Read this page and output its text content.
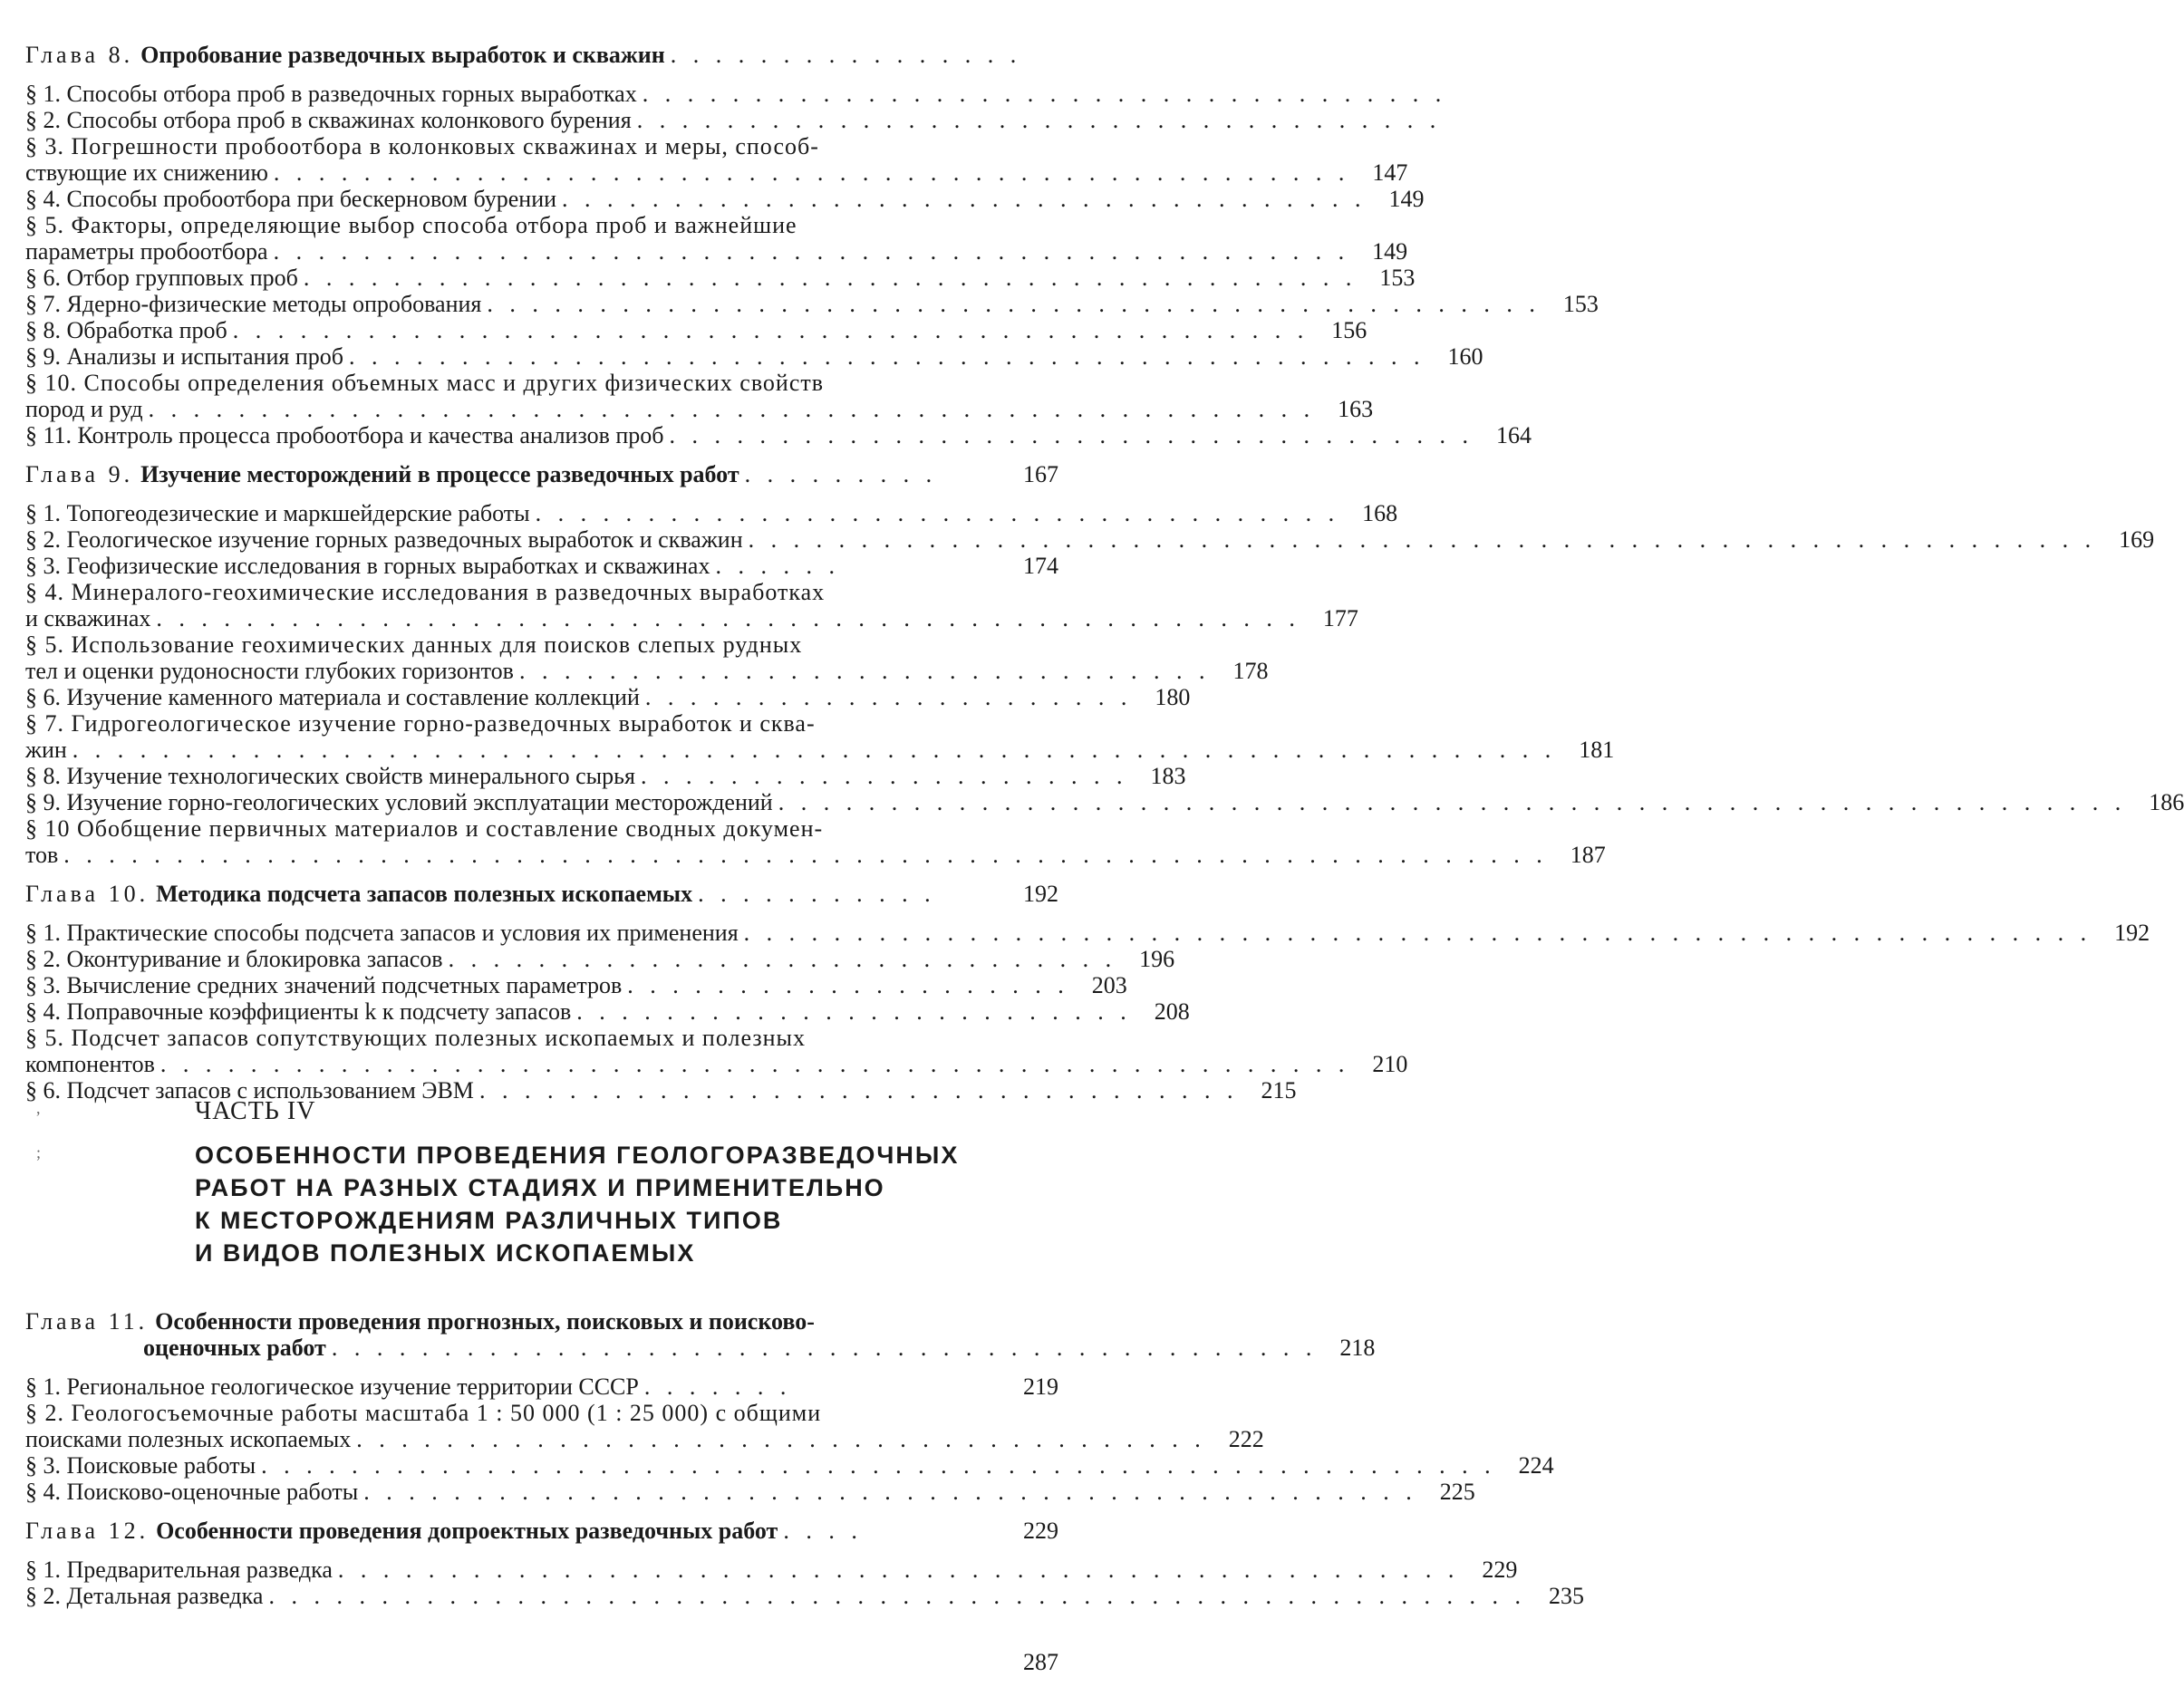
Глава 8. Опробование разведочных выработок и скважин . . . . . . . . . . . . . . . .
§ 1. Способы отбора проб в разведочных горных выработках . . . . . . . . . . . . . . . . . . . . . . . . . . . . . . . . . . . .
§ 2. Способы отбора проб в скважинах колонкового бурения . . . . . . . . . . . . . . . . . . . . . . . . . . . . . . . . . . . .
§ 3. Погрешности пробоотбора в колонковых скважинах и меры, способ-
ствующие их снижению . . . . . . . . . . . . . . . . . . . . . . . . . . . . . . . . . . . . . . . . . . . . . . . . 147
§ 4. Способы пробоотбора при бескерновом бурении . . . . . . . . . . . . . . . . . . . . . . . . . . . . . . . . . . . . 149
§ 5. Факторы, определяющие выбор способа отбора проб и важнейшие
параметры пробоотбора . . . . . . . . . . . . . . . . . . . . . . . . . . . . . . . . . . . . . . . . . . . . . . . . 149
§ 6. Отбор групповых проб . . . . . . . . . . . . . . . . . . . . . . . . . . . . . . . . . . . . . . . . . . . . . . . 153
§ 7. Ядерно-физические методы опробования . . . . . . . . . . . . . . . . . . . . . . . . . . . . . . . . . . . . . . . . . . . . . . . 153
§ 8. Обработка проб . . . . . . . . . . . . . . . . . . . . . . . . . . . . . . . . . . . . . . . . . . . . . . . . 156
§ 9. Анализы и испытания проб . . . . . . . . . . . . . . . . . . . . . . . . . . . . . . . . . . . . . . . . . . . . . . . . 160
§ 10. Способы определения объемных масс и других физических свойств
пород и руд . . . . . . . . . . . . . . . . . . . . . . . . . . . . . . . . . . . . . . . . . . . . . . . . . . . . 163
§ 11. Контроль процесса пробоотбора и качества анализов проб . . . . . . . . . . . . . . . . . . . . . . . . . . . . . . . . . . . . 164
Глава 9. Изучение месторождений в процессе разведочных работ . . . . . . . . .	167
§ 1. Топогеодезические и маркшейдерские работы . . . . . . . . . . . . . . . . . . . . . . . . . . . . . . . . . . . . 168
§ 2. Геологическое изучение горных разведочных выработок и скважин . . . . . . . . . . . . . . . . . . . . . . . . . . . . . . . . . . . . . . . . . . . . . . . . . . . . . . . . . . . . 169
§ 3. Геофизические исследования в горных выработках и скважинах . . . . . .	174
§ 4. Минералого-геохимические исследования в разведочных выработках
и скважинах . . . . . . . . . . . . . . . . . . . . . . . . . . . . . . . . . . . . . . . . . . . . . . . . . . . 177
§ 5. Использование геохимических данных для поисков слепых рудных
тел и оценки рудоносности глубоких горизонтов . . . . . . . . . . . . . . . . . . . . . . . . . . . . . . . 178
§ 6. Изучение каменного материала и составление коллекций . . . . . . . . . . . . . . . . . . . . . . 180
§ 7. Гидрогеологическое изучение горно-разведочных выработок и сква-
жин . . . . . . . . . . . . . . . . . . . . . . . . . . . . . . . . . . . . . . . . . . . . . . . . . . . . . . . . . . . . . . . . . . 181
§ 8. Изучение технологических свойств минерального сырья . . . . . . . . . . . . . . . . . . . . . . 183
§ 9. Изучение горно-геологических условий эксплуатации месторождений . . . . . . . . . . . . . . . . . . . . . . . . . . . . . . . . . . . . . . . . . . . . . . . . . . . . . . . . . . . . 186
§ 10 Обобщение первичных материалов и составление сводных докумен-
тов . . . . . . . . . . . . . . . . . . . . . . . . . . . . . . . . . . . . . . . . . . . . . . . . . . . . . . . . . . . . . . . . . . 187
Глава 10. Методика подсчета запасов полезных ископаемых . . . . . . . . . . .	192
§ 1. Практические способы подсчета запасов и условия их применения . . . . . . . . . . . . . . . . . . . . . . . . . . . . . . . . . . . . . . . . . . . . . . . . . . . . . . . . . . . . 192
§ 2. Оконтуривание и блокировка запасов . . . . . . . . . . . . . . . . . . . . . . . . . . . . . . 196
§ 3. Вычисление средних значений подсчетных параметров . . . . . . . . . . . . . . . . . . . . 203
§ 4. Поправочные коэффициенты k к подсчету запасов . . . . . . . . . . . . . . . . . . . . . . . . . 208
§ 5. Подсчет запасов сопутствующих полезных ископаемых и полезных
компонентов . . . . . . . . . . . . . . . . . . . . . . . . . . . . . . . . . . . . . . . . . . . . . . . . . . . . . 210
§ 6. Подсчет запасов с использованием ЭВМ . . . . . . . . . . . . . . . . . . . . . . . . . . . . . . . . . . 215
,
;
ЧАСТЬ IV
ОСОБЕННОСТИ ПРОВЕДЕНИЯ ГЕОЛОГОРАЗВЕДОЧНЫХ
РАБОТ НА РАЗНЫХ СТАДИЯХ И ПРИМЕНИТЕЛЬНО
К МЕСТОРОЖДЕНИЯМ РАЗЛИЧНЫХ ТИПОВ
И ВИДОВ ПОЛЕЗНЫХ ИСКОПАЕМЫХ
Глава 11. Особенности проведения прогнозных, поисковых и поисково-
оценочных работ . . . . . . . . . . . . . . . . . . . . . . . . . . . . . . . . . . . . . . . . . . . . 218
§ 1. Региональное геологическое изучение территории СССР . . . . . . .	219
§ 2. Геологосъемочные работы масштаба 1 : 50 000 (1 : 25 000) с общими
поисками полезных ископаемых . . . . . . . . . . . . . . . . . . . . . . . . . . . . . . . . . . . . . . 222
§ 3. Поисковые работы . . . . . . . . . . . . . . . . . . . . . . . . . . . . . . . . . . . . . . . . . . . . . . . . . . . . . . . 224
§ 4. Поисково-оценочные работы . . . . . . . . . . . . . . . . . . . . . . . . . . . . . . . . . . . . . . . . . . . . . . . 225
Глава 12. Особенности проведения допроектных разведочных работ . . . .	229
§ 1. Предварительная разведка . . . . . . . . . . . . . . . . . . . . . . . . . . . . . . . . . . . . . . . . . . . . . . . . . . 229
§ 2. Детальная разведка . . . . . . . . . . . . . . . . . . . . . . . . . . . . . . . . . . . . . . . . . . . . . . . . . . . . . . . . 235
287
